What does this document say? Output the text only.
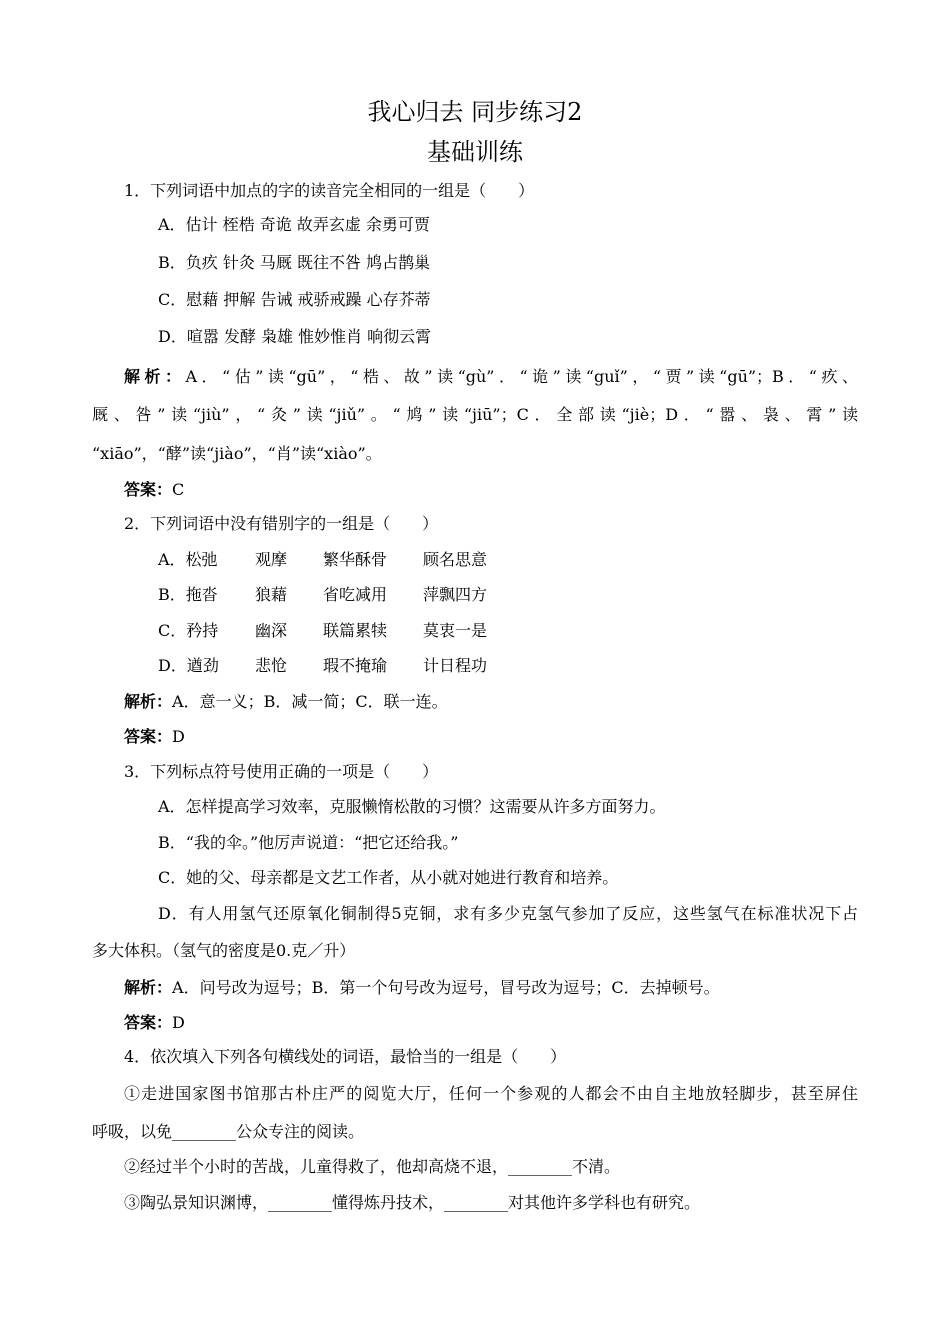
我心归去 同步练习2
基础训练
1．下列词语中加点的字的读音完全相同的一组是（　　）
A．估计 桎梏 奇诡 故弄玄虚 余勇可贾
B．负疚 针灸 马厩 既往不咎 鸠占鹊巢
C．慰藉 押解 告诫 戒骄戒躁 心存芥蒂
D．喧嚣 发酵 枭雄 惟妙惟肖 响彻云霄
解析：A．“估”读“gū”，“梏、故”读“gù”．“诡”读“guǐ”，“贾”读“gū”；B．“疚、
厩、咎”读“jiù”，“灸”读“jiǔ”。“鸠”读“jiū”；C．全部读“jiè；D．“嚣、袅、霄”读
“xiāo”，“酵”读“jiào”，“肖”读“xiào”。
答案：C
2．下列词语中没有错别字的一组是（　　）
A．松弛 观摩 繁华酥骨 顾名思意
B．拖沓 狼藉 省吃减用 萍飘四方
C．矜持 幽深 联篇累犊 莫衷一是
D．遒劲 悲怆 瑕不掩瑜 计日程功
解析：A．意一义；B．减一简；C．联一连。
答案：D
3．下列标点符号使用正确的一项是（　　）
A．怎样提高学习效率，克服懒惰松散的习惯？这需要从许多方面努力。
B．“我的伞。”他厉声说道：“把它还给我。”
C．她的父、母亲都是文艺工作者，从小就对她进行教育和培养。
D．有人用氢气还原氧化铜制得5克铜，求有多少克氢气参加了反应，这些氢气在标准状况下占
多大体积。（氢气的密度是0.克／升）
解析：A．问号改为逗号；B．第一个句号改为逗号，冒号改为逗号；C．去掉顿号。
答案：D
4．依次填入下列各句横线处的词语，最恰当的一组是（　　）
①走进国家图书馆那古朴庄严的阅览大厅，任何一个参观的人都会不由自主地放轻脚步，甚至屏住
呼吸，以免________公众专注的阅读。
②经过半个小时的苦战，儿童得救了，他却高烧不退，________不清。
③陶弘景知识渊博，________懂得炼丹技术，________对其他许多学科也有研究。
